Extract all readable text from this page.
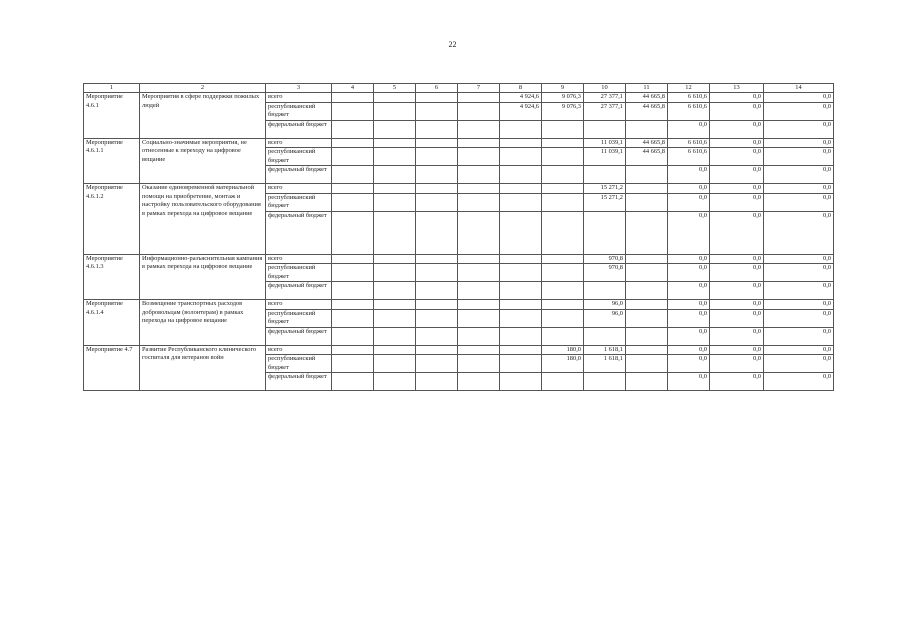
22
1	2	3	4	5	6	7	8	9	10	11	12	13	14
Мероприятие 4.6.1	Мероприятия в сфере поддержки пожилых людей	всего					4 924,6	9 076,3	27 377,1	44 665,8	6 610,6	0,0	0,0
		республиканский бюджет					4 924,6	9 076,3	27 377,1	44 665,8	6 610,6	0,0	0,0
		федеральный бюджет									0,0	0,0	0,0
Мероприятие 4.6.1.1	Социально-значимые мероприятия, не отнесенные к переходу на цифровое вещание	всего							11 039,1	44 665,8	6 610,6	0,0	0,0
		республиканский бюджет							11 039,1	44 665,8	6 610,6	0,0	0,0
		федеральный бюджет									0,0	0,0	0,0
Мероприятие 4.6.1.2	Оказание единовременной материальной помощи на приобретение, монтаж и настройку пользовательского оборудования в рамках перехода на цифровое вещание	всего							15 271,2		0,0	0,0	0,0
		республиканский бюджет							15 271,2		0,0	0,0	0,0
		федеральный бюджет									0,0	0,0	0,0
Мероприятие 4.6.1.3	Информационно-разъяснительная кампания в рамках перехода на цифровое вещание	всего							970,8		0,0	0,0	0,0
		республиканский бюджет							970,8		0,0	0,0	0,0
		федеральный бюджет									0,0	0,0	0,0
Мероприятие 4.6.1.4	Возмещение транспортных расходов добровольцам (волонтерам) в рамках перехода на цифровое вещание	всего							96,0		0,0	0,0	0,0
		республиканский бюджет							96,0		0,0	0,0	0,0
		федеральный бюджет									0,0	0,0	0,0
Мероприятие 4.7	Развитие Республиканского клинического госпиталя для ветеранов войн	всего						180,0	1 618,1		0,0	0,0	0,0
		республиканский бюджет						180,0	1 618,1		0,0	0,0	0,0
		федеральный бюджет									0,0	0,0	0,0
